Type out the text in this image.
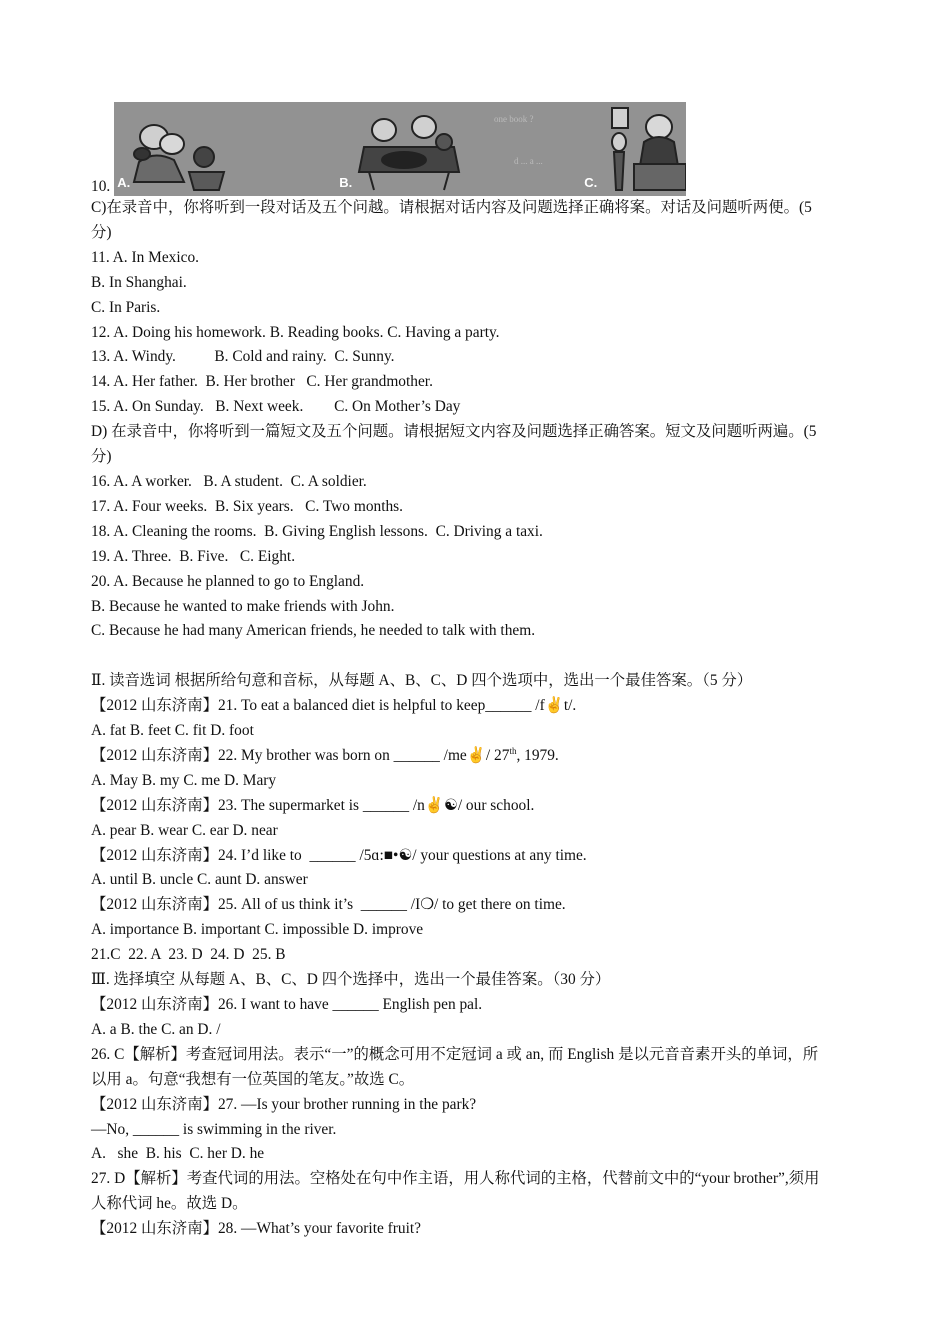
10.
one book ?
d ... a ...
A.	B.	C.

C)在录音中，你将听到一段对话及五个问越。请根据对话内容及问题选择正确将案。对话及问题听两便。(5

分)

11. A. In Mexico.

B. In Shanghai.

C. In Paris.

12. A. Doing his homework. B. Reading books. C. Having a party.

13. A. Windy.          B. Cold and rainy.  C. Sunny.

14. A. Her father.  B. Her brother   C. Her grandmother.

15. A. On Sunday.   B. Next week.        C. On Mother’s Day

D) 在录音中，你将听到一篇短文及五个问题。请根据短文内容及问题选择正确答案。短文及问题听两遍。(5

分)

16. A. A worker.   B. A student.  C. A soldier.

17. A. Four weeks.  B. Six years.   C. Two months.

18. A. Cleaning the rooms.  B. Giving English lessons.  C. Driving a taxi.

19. A. Three.  B. Five.   C. Eight.

20. A. Because he planned to go to England.

B. Because he wanted to make friends with John.

C. Because he had many American friends, he needed to talk with them.

Ⅱ. 读音选词 根据所给句意和音标，从每题 A、B、C、D 四个选项中，选出一个最佳答案。（5 分）

【2012 山东济南】21. To eat a balanced diet is helpful to keep______ /f✌t/.

A. fat B. feet C. fit D. foot

【2012 山东济南】22. My brother was born on ______ /me✌/ 27th, 1979.

A. May B. my C. me D. Mary

【2012 山东济南】23. The supermarket is ______ /n✌☯/ our school.

A. pear B. wear C. ear D. near

【2012 山东济南】24. I’d like to  ______ /5ɑ:■•☯/ your questions at any time.

A. until B. uncle C. aunt D. answer

【2012 山东济南】25. All of us think it’s  ______ /I❍/ to get there on time.

A. importance B. important C. impossible D. improve

21.C  22. A  23. D  24. D  25. B

Ⅲ. 选择填空 从每题 A、B、C、D 四个选择中，选出一个最佳答案。（30 分）

【2012 山东济南】26. I want to have ______ English pen pal.

A. a B. the C. an D. /

26. C【解析】考查冠词用法。表示“一”的概念可用不定冠词 a 或 an, 而 English 是以元音音素开头的单词，所

以用 a。句意“我想有一位英国的笔友。”故选 C。

【2012 山东济南】27. —Is your brother running in the park?

—No, ______ is swimming in the river.

A.   she  B. his  C. her D. he

27. D【解析】考查代词的用法。空格处在句中作主语，用人称代词的主格，代替前文中的“your brother”,须用

人称代词 he。故选 D。

【2012 山东济南】28. —What’s your favorite fruit?
